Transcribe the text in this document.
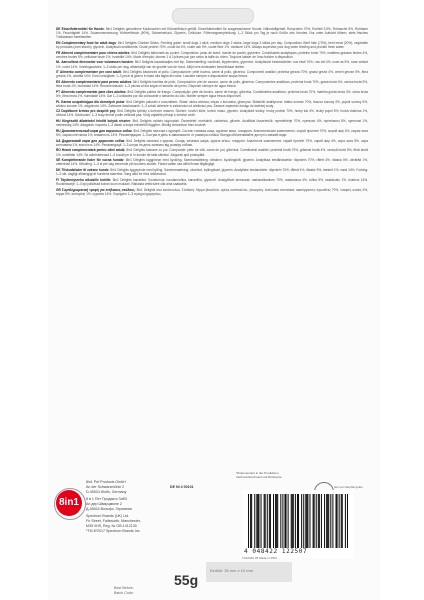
DE Einzelfuttermittel für Hunde: 8in1 Delights gemahlene Kauknochen mit Hühnerfleisch gefüllt. Einzelfuttermittel für ausgewachsene Hunde. Nährstoffgehalt: Rohprotein 70%, Rohfett 3.5%, Rohasche 5%, Rohfaser 1%, Feuchtigkeit 14%. Zusammensetzung: Hühnerfleisch (90%), Schweinehaut, Glycerin, Cellulose. Fütterungsempfehlung: 1–2 Stück pro Tag je nach Größe des Hundes. Nur unter Aufsicht füttern, stets frisches Trinkwasser bereitstellen.

EN Complementary food for adult dogs: 8in1 Delights Chicken Sticks. Feeding guide: small dogs 1 stick, medium dogs 2 sticks, large dogs 3 sticks per day. Composition: Beef hide (70%), beef meat (20%), vegetable by-products (corn starch), glycerin. Analytical constituents: Crude protein 70%, crude fat 4%, crude ash 5%, crude fibre 1%, moisture 14%. Always supervise your dog when feeding and provide fresh water.

FR Aliment complémentaire pour chiens adultes: 8in1 Delights bâtonnets au poulet. Composition: peau de bœuf, viande de poulet, glycérine. Constituants analytiques: protéine brute 70%, matières grasses brutes 4%, cendres brutes 5%, cellulose brute 1%, humidité 14%. Mode d'emploi: donner 1 à 3 pièces par jour selon la taille du chien. Toujours laisser de l'eau fraîche à disposition.

NL Aanvullend diervoeder voor volwassen honden: 8in1 Delights kauwstaafjes met kip. Samenstelling: rundhuid, kippenvlees, glycerine. Analytische bestanddelen: ruw eiwit 70%, ruw vet 4%, ruwe as 5%, ruwe celstof 1%, vocht 14%. Voedingsadvies: 1–3 stuks per dag, afhankelijk van de grootte van de hond. Altijd vers drinkwater beschikbaar stellen.

IT Alimento complementare per cani adulti: 8in1 Delights bastoncini al pollo. Composizione: pelle bovina, carne di pollo, glicerina. Componenti analitici: proteina grezza 70%, grassi grezzi 4%, ceneri grezze 5%, fibra grezza 1%, umidità 14%. Dosi consigliate: 1–3 pezzi al giorno in base alla taglia del cane. Lasciare sempre a disposizione acqua fresca.

ES Alimento complementario para perros adultos: 8in1 Delights barritas de pollo. Composición: piel de vacuno, carne de pollo, glicerina. Componentes analíticos: proteína bruta 70%, grasa bruta 4%, ceniza bruta 5%, fibra bruta 1%, humedad 14%. Recomendación: 1–3 piezas al día según el tamaño del perro. Disponer siempre de agua fresca.

PT Alimento complementar para cães adultos: 8in1 Delights palitos de frango. Composição: pele de bovino, carne de frango, glicerina. Constituintes analíticos: proteína bruta 70%, matéria gorda bruta 4%, cinza bruta 5%, fibra bruta 1%, humidade 14%. Dar 1–3 unidades por dia consoante o tamanho do cão. Manter sempre água fresca disponível.

PL Karma uzupełniająca dla dorosłych psów: 8in1 Delights paluszki z kurczakiem. Skład: skóra wołowa, mięso z kurczaka, gliceryna. Składniki analityczne: białko surowe 70%, tłuszcz surowy 4%, popiół surowy 5%, włókno surowe 1%, wilgotność 14%. Zalecane dawkowanie: 1–3 sztuki dziennie w zależności od wielkości psa. Zawsze zapewnić dostęp do świeżej wody.

CZ Doplňkové krmivo pro dospělé psy: 8in1 Delights tyčinky s kuřecím masem. Složení: hovězí kůže, kuřecí maso, glycerin. Analytické složky: hrubý protein 70%, hrubý tuk 4%, hrubý popel 5%, hrubá vláknina 1%, vlhkost 14%. Dávkování: 1–3 kusy denně podle velikosti psa. Vždy zajistěte přístup k čerstvé vodě.

HU Kiegészítő állateledel felnőtt kutyák részére: 8in1 Delights csirkés rágórudak. Összetétel: marhabőr, csirkehús, glicerin. Analitikai összetevők: nyersfehérje 70%, nyerszsír 4%, nyershamu 5%, nyersrost 1%, nedvesség 14%. Adagolás: naponta 1–3 darab a kutya méretétől függően. Mindig biztosítson friss ivóvizet.

RU Дополнительный корм для взрослых собак: 8in1 Delights палочки с курицей. Состав: говяжья кожа, куриное мясо, глицерин. Аналитические компоненты: сырой протеин 70%, сырой жир 4%, сырая зола 5%, сырая клетчатка 1%, влажность 14%. Рекомендации: 1–3 штуки в день в зависимости от размера собаки. Всегда обеспечивайте доступ к свежей воде.

UA Додатковий корм для дорослих собак: 8in1 Delights палички з куркою. Склад: яловича шкіра, куряче м'ясо, гліцерин. Аналітичні компоненти: сирий протеїн 70%, сирий жир 4%, сира зола 5%, сира клітковина 1%, вологість 14%. Рекомендації: 1–3 штуки на день залежно від розміру собаки.

RO Hrană complementară pentru câini adulți: 8in1 Delights batoane cu pui. Compoziție: piele de vită, carne de pui, glicerină. Constituenți analitici: proteină brută 70%, grăsime brută 4%, cenușă brută 5%, fibră brută 1%, umiditate 14%. Se administrează 1–3 bucăți pe zi în funcție de talia câinelui. Asigurați apă proaspătă.

SE Kompletterande foder för vuxna hundar: 8in1 Delights tuggpinnar med kyckling. Sammansättning: nötskinn, kycklingkött, glycerin. Analytiska beståndsdelar: råprotein 70%, råfett 4%, råaska 5%, växttråd 1%, vattenhalt 14%. Utfodring: 1–3 st per dag beroende på hundens storlek. Färskt vatten ska alltid finnas tillgängligt.

DK Tilskudsfoder til voksne hunde: 8in1 Delights tyggepinde med kylling. Sammensætning: oksehud, kyllingekød, glycerin. Analytiske bestanddele: råprotein 70%, råfedt 4%, råaske 5%, træstof 1%, vand 14%. Fodring: 1–3 stk. dagligt afhængigt af hundens størrelse. Sørg altid for frisk drikkevand.

FI Täydennysrehu aikuisille koirille: 8in1 Delights kanatikut. Koostumus: naudannahka, kananliha, glyseroli. Analyyttiset ainesosat: raakavalkuainen 70%, raakarasva 4%, tuhka 5%, raakakuitu 1%, kosteus 14%. Ruokintaohje: 1–3 kpl päivässä koiran koon mukaan. Raikasta vettä tulee olla aina saatavilla.

GR Συμπληρωματική τροφή για ενήλικους σκύλους: 8in1 Delights στικ κοτόπουλου. Σύνθεση: δέρμα βοοειδών, κρέας κοτόπουλου, γλυκερίνη. Αναλυτικά συστατικά: ακατέργαστες πρωτεΐνες 70%, λιπαρές ουσίες 4%, τέφρα 5%, κυτταρίνη 1%, υγρασία 14%. Χορηγείτε 1–3 τεμάχια ημερησίως.

8in1
8in1 Pet Products GmbH
An der Schwarzmühle 2
D-45524 Wolfs, Germany
8 в 1 Пет Продактс ГмбХ
Ан дер Шварцмюле 2
Д-45524 Вольфс, Германия
Spectrum Brands (UK) Ltd.
Fir Street, Failsworth, Manchester,
M35 0HS, Reg. № GB-1412130
*ТМ 8*2017 Spectrum Brands Inc.
DE NI 4 00101
*Dokumentiert in der Produktion. Verbraucherhinweis auf Rückseite.
Gut von Sie Recyclen
4 048422 122507
TK10361 65 Made in PRC
55g
Einfüllt: 35 mm x 10 mm
Best Before:
Batch Code:
